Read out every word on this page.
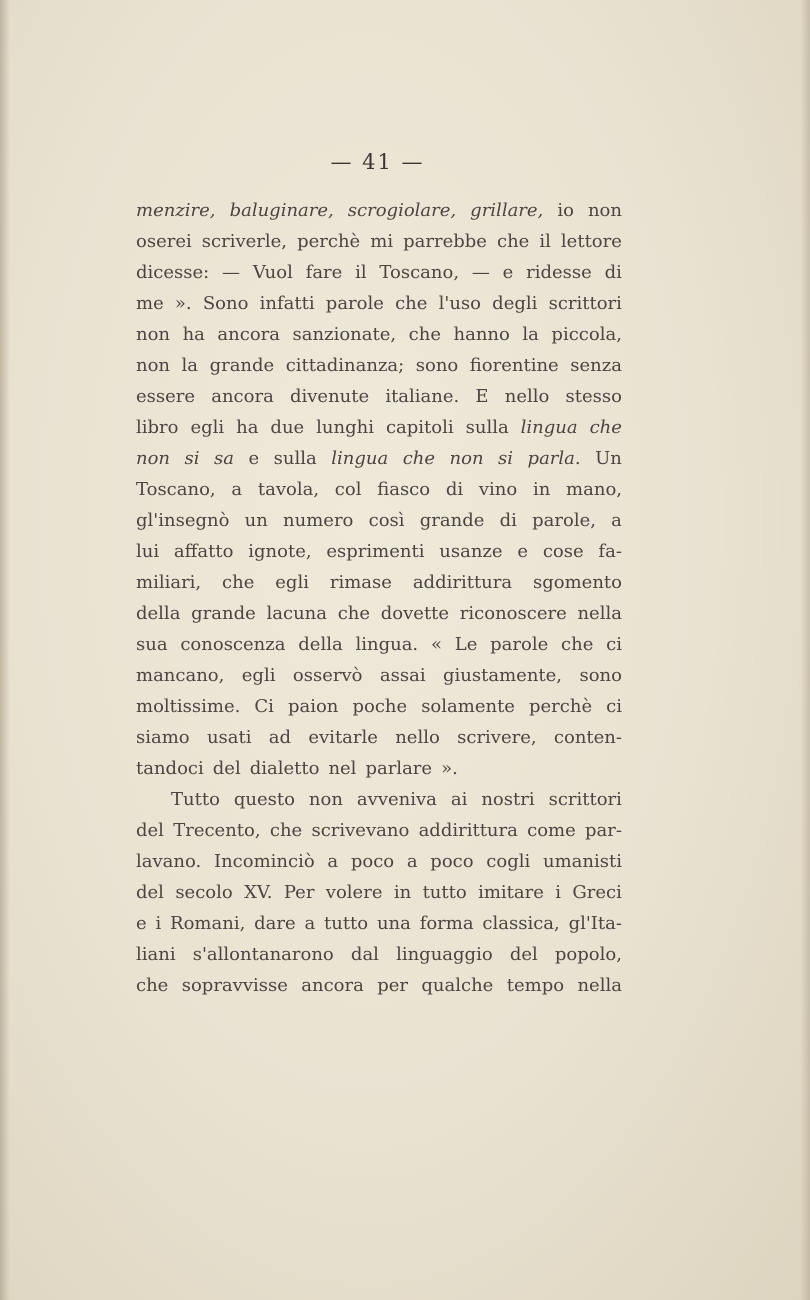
— 41 —

menzire, baluginare, scrogiolare, grillare, io non
oserei scriverle, perchè mi parrebbe che il lettore
dicesse: — Vuol fare il Toscano, — e ridesse di
me ». Sono infatti parole che l'uso degli scrittori
non ha ancora sanzionate, che hanno la piccola,
non la grande cittadinanza; sono fiorentine senza
essere ancora divenute italiane. E nello stesso
libro egli ha due lunghi capitoli sulla lingua che
non si sa e sulla lingua che non si parla. Un
Toscano, a tavola, col fiasco di vino in mano,
gl'insegnò un numero così grande di parole, a
lui affatto ignote, esprimenti usanze e cose fa-
miliari, che egli rimase addirittura sgomento
della grande lacuna che dovette riconoscere nella
sua conoscenza della lingua. « Le parole che ci
mancano, egli osservò assai giustamente, sono
moltissime. Ci paion poche solamente perchè ci
siamo usati ad evitarle nello scrivere, conten-
tandoci del dialetto nel parlare ».
Tutto questo non avveniva ai nostri scrittori
del Trecento, che scrivevano addirittura come par-
lavano. Incominciò a poco a poco cogli umanisti
del secolo XV. Per volere in tutto imitare i Greci
e i Romani, dare a tutto una forma classica, gl'Ita-
liani s'allontanarono dal linguaggio del popolo,
che sopravvisse ancora per qualche tempo nella
